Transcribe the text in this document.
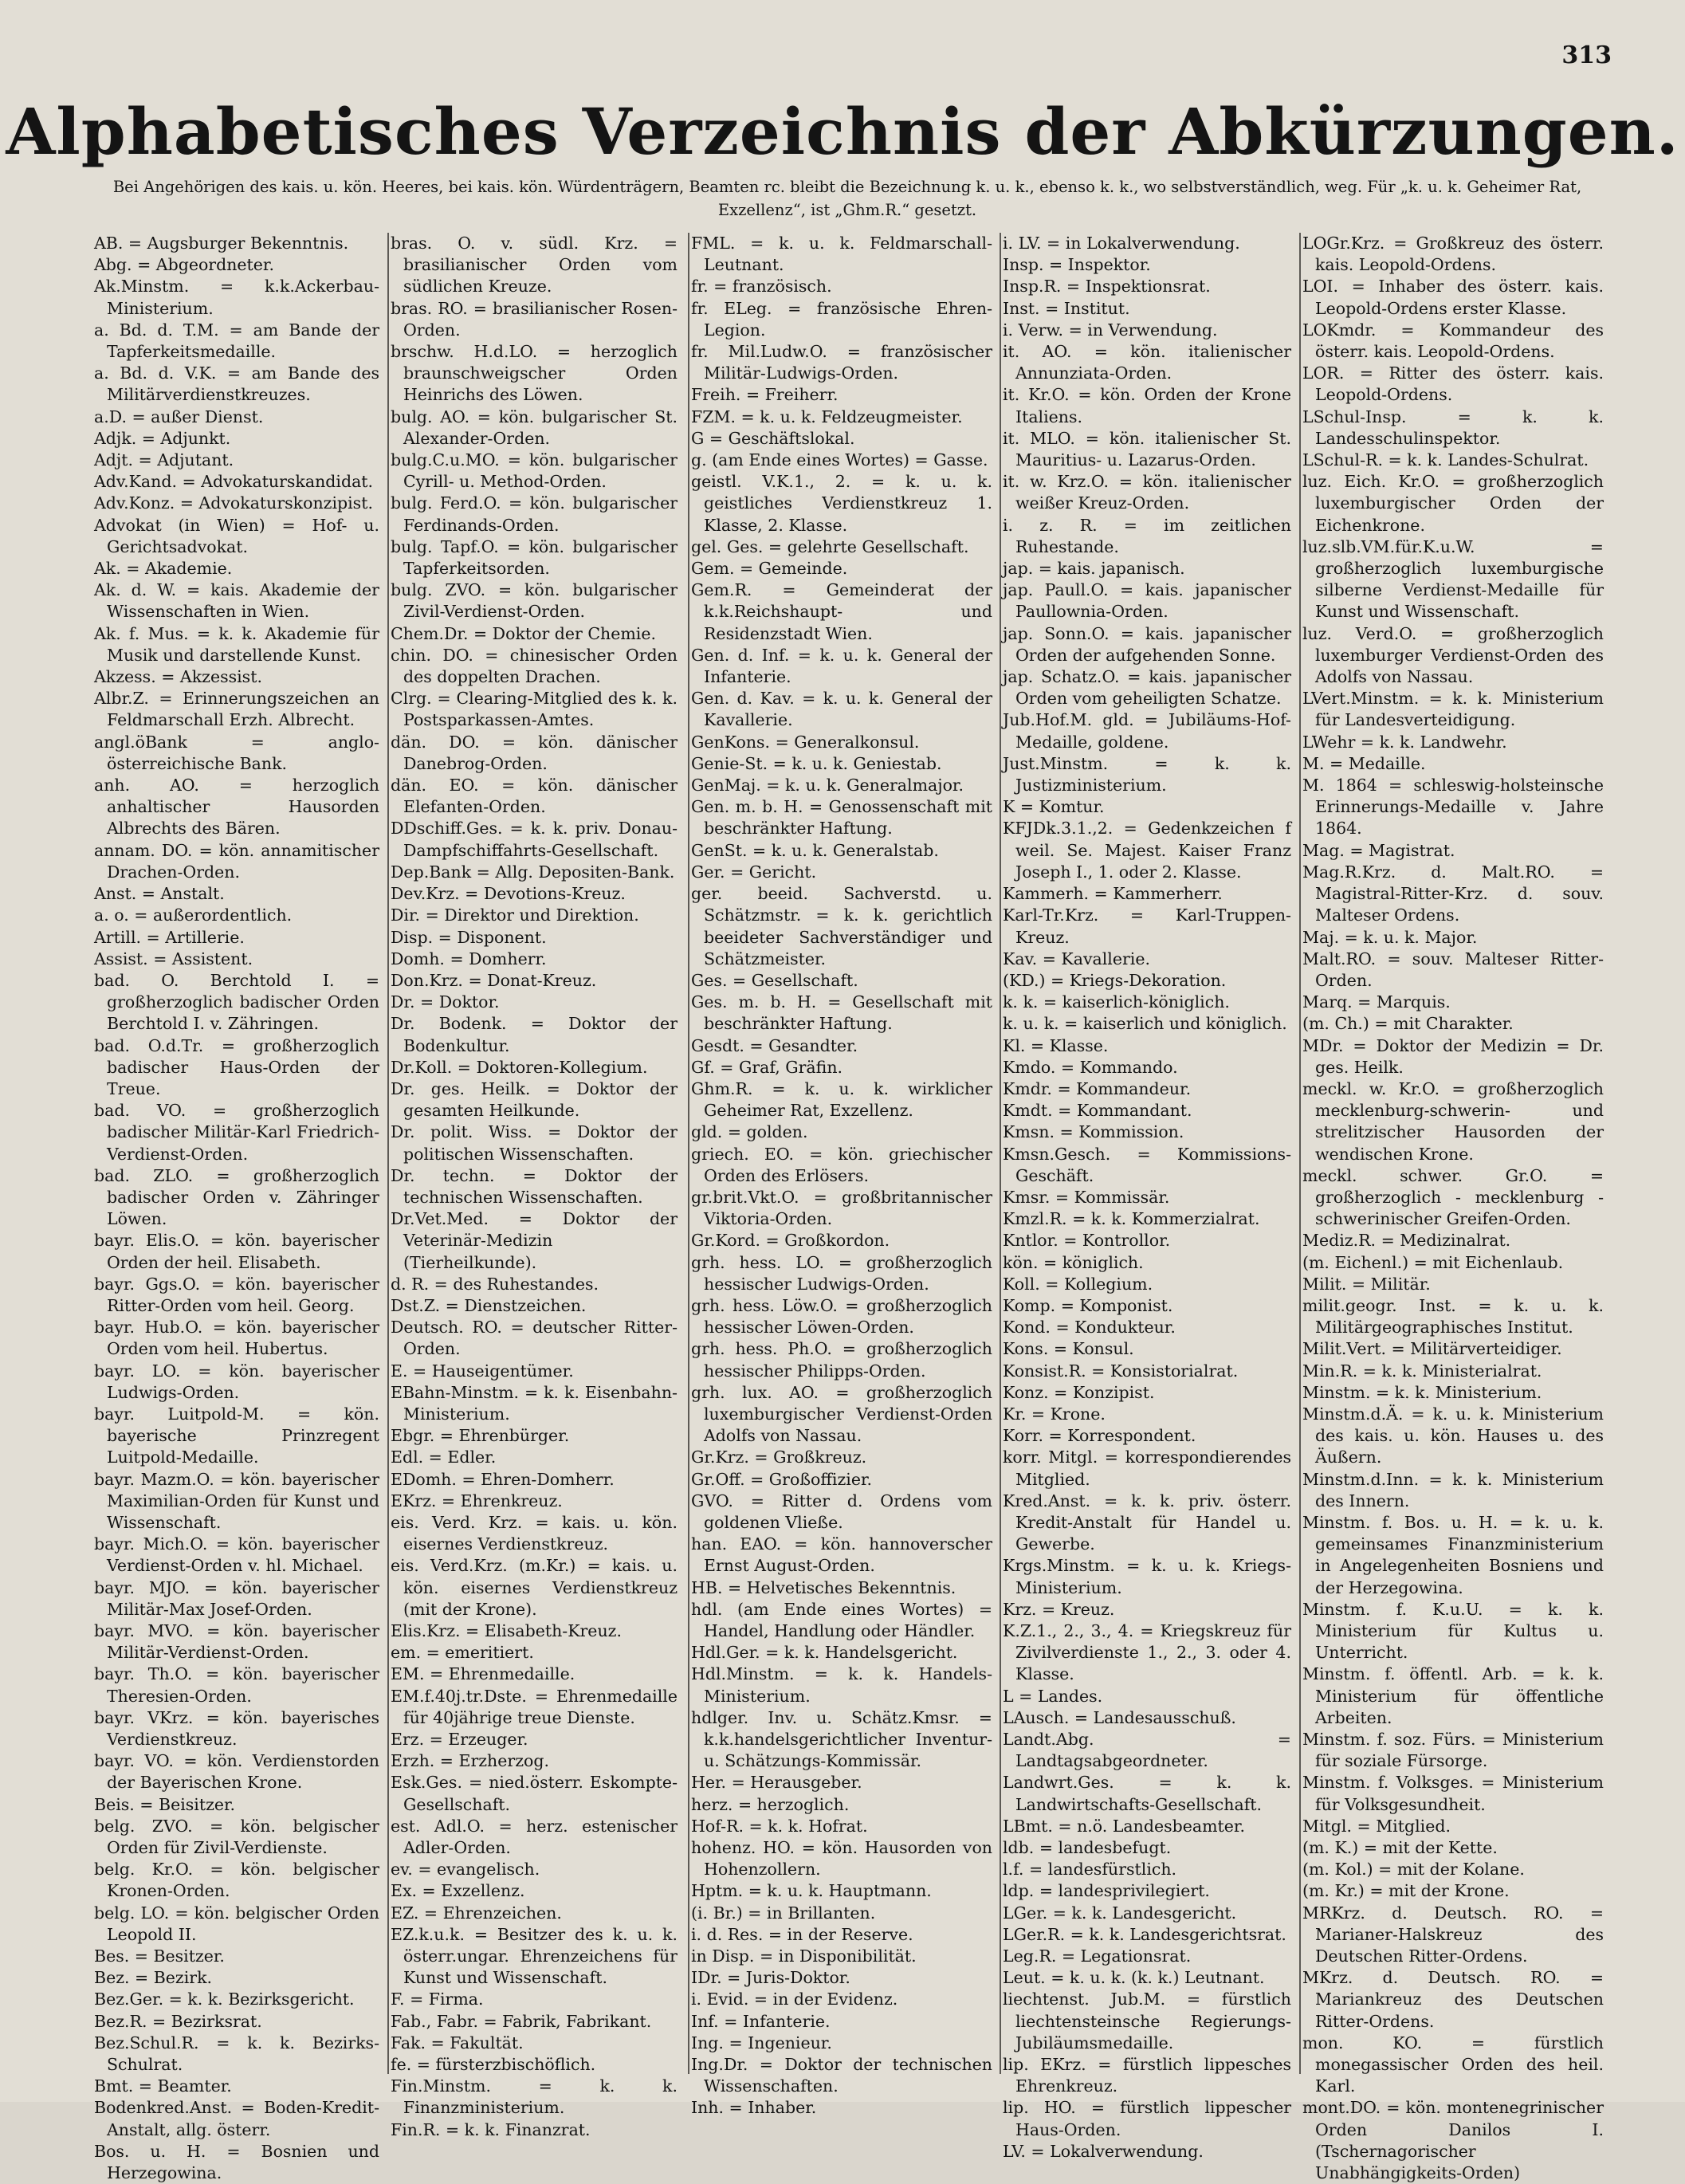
313
Alphabetisches Verzeichnis der Abkürzungen.
Bei Angehörigen des kais. u. kön. Heeres, bei kais. kön. Würdenträgern, Beamten rc. bleibt die Bezeichnung k. u. k., ebenso k. k., wo selbstverständlich, weg. Für „k. u. k. Geheimer Rat, Exzellenz“, ist „Ghm.R.“ gesetzt.
AB. = Augsburger Bekenntnis.
Abg. = Abgeordneter.
Ak.Minstm. = k.k.Ackerbau-Ministerium.
a. Bd. d. T.M. = am Bande der Tapferkeitsmedaille.
a. Bd. d. V.K. = am Bande des Militärverdienstkreuzes.
a.D. = außer Dienst.
Adjk. = Adjunkt.
Adjt. = Adjutant.
Adv.Kand. = Advokaturskandidat.
Adv.Konz. = Advokaturskonzipist.
Advokat (in Wien) = Hof- u. Gerichtsadvokat.
Ak. = Akademie.
Ak. d. W. = kais. Akademie der Wissenschaften in Wien.
Ak. f. Mus. = k. k. Akademie für Musik und darstellende Kunst.
Akzess. = Akzessist.
Albr.Z. = Erinnerungszeichen an Feldmarschall Erzh. Albrecht.
angl.öBank = anglo-österreichische Bank.
anh. AO. = herzoglich anhaltischer Hausorden Albrechts des Bären.
annam. DO. = kön. annamitischer Drachen-Orden.
Anst. = Anstalt.
a. o. = außerordentlich.
Artill. = Artillerie.
Assist. = Assistent.
bad. O. Berchtold I. = großherzoglich badischer Orden Berchtold I. v. Zähringen.
bad. O.d.Tr. = großherzoglich badischer Haus-Orden der Treue.
bad. VO. = großherzoglich badischer Militär-Karl Friedrich-Verdienst-Orden.
bad. ZLO. = großherzoglich badischer Orden v. Zähringer Löwen.
bayr. Elis.O. = kön. bayerischer Orden der heil. Elisabeth.
bayr. Ggs.O. = kön. bayerischer Ritter-Orden vom heil. Georg.
bayr. Hub.O. = kön. bayerischer Orden vom heil. Hubertus.
bayr. LO. = kön. bayerischer Ludwigs-Orden.
bayr. Luitpold-M. = kön. bayerische Prinzregent Luitpold-Medaille.
bayr. Mazm.O. = kön. bayerischer Maximilian-Orden für Kunst und Wissenschaft.
bayr. Mich.O. = kön. bayerischer Verdienst-Orden v. hl. Michael.
bayr. MJO. = kön. bayerischer Militär-Max Josef-Orden.
bayr. MVO. = kön. bayerischer Militär-Verdienst-Orden.
bayr. Th.O. = kön. bayerischer Theresien-Orden.
bayr. VKrz. = kön. bayerisches Verdienstkreuz.
bayr. VO. = kön. Verdienstorden der Bayerischen Krone.
Beis. = Beisitzer.
belg. ZVO. = kön. belgischer Orden für Zivil-Verdienste.
belg. Kr.O. = kön. belgischer Kronen-Orden.
belg. LO. = kön. belgischer Orden Leopold II.
Bes. = Besitzer.
Bez. = Bezirk.
Bez.Ger. = k. k. Bezirksgericht.
Bez.R. = Bezirksrat.
Bez.Schul.R. = k. k. Bezirks-Schulrat.
Bmt. = Beamter.
Bodenkred.Anst. = Boden-Kredit-Anstalt, allg. österr.
Bos. u. H. = Bosnien und Herzegowina.
bras. O. v. südl. Krz. = brasilianischer Orden vom südlichen Kreuze.
bras. RO. = brasilianischer Rosen-Orden.
brschw. H.d.LO. = herzoglich braunschweigscher Orden Heinrichs des Löwen.
bulg. AO. = kön. bulgarischer St. Alexander-Orden.
bulg.C.u.MO. = kön. bulgarischer Cyrill- u. Method-Orden.
bulg. Ferd.O. = kön. bulgarischer Ferdinands-Orden.
bulg. Tapf.O. = kön. bulgarischer Tapferkeitsorden.
bulg. ZVO. = kön. bulgarischer Zivil-Verdienst-Orden.
Chem.Dr. = Doktor der Chemie.
chin. DO. = chinesischer Orden des doppelten Drachen.
Clrg. = Clearing-Mitglied des k. k. Postsparkassen-Amtes.
dän. DO. = kön. dänischer Danebrog-Orden.
dän. EO. = kön. dänischer Elefanten-Orden.
DDschiff.Ges. = k. k. priv. Donau-Dampfschiffahrts-Gesellschaft.
Dep.Bank = Allg. Depositen-Bank.
Dev.Krz. = Devotions-Kreuz.
Dir. = Direktor und Direktion.
Disp. = Disponent.
Domh. = Domherr.
Don.Krz. = Donat-Kreuz.
Dr. = Doktor.
Dr. Bodenk. = Doktor der Bodenkultur.
Dr.Koll. = Doktoren-Kollegium.
Dr. ges. Heilk. = Doktor der gesamten Heilkunde.
Dr. polit. Wiss. = Doktor der politischen Wissenschaften.
Dr. techn. = Doktor der technischen Wissenschaften.
Dr.Vet.Med. = Doktor der Veterinär-Medizin (Tierheilkunde).
d. R. = des Ruhestandes.
Dst.Z. = Dienstzeichen.
Deutsch. RO. = deutscher Ritter-Orden.
E. = Hauseigentümer.
EBahn-Minstm. = k. k. Eisenbahn-Ministerium.
Ebgr. = Ehrenbürger.
Edl. = Edler.
EDomh. = Ehren-Domherr.
EKrz. = Ehrenkreuz.
eis. Verd. Krz. = kais. u. kön. eisernes Verdienstkreuz.
eis. Verd.Krz. (m.Kr.) = kais. u. kön. eisernes Verdienstkreuz (mit der Krone).
Elis.Krz. = Elisabeth-Kreuz.
em. = emeritiert.
EM. = Ehrenmedaille.
EM.f.40j.tr.Dste. = Ehrenmedaille für 40jährige treue Dienste.
Erz. = Erzeuger.
Erzh. = Erzherzog.
Esk.Ges. = nied.österr. Eskompte-Gesellschaft.
est. Adl.O. = herz. estenischer Adler-Orden.
ev. = evangelisch.
Ex. = Exzellenz.
EZ. = Ehrenzeichen.
EZ.k.u.k. = Besitzer des k. u. k. österr.ungar. Ehrenzeichens für Kunst und Wissenschaft.
F. = Firma.
Fab., Fabr. = Fabrik, Fabrikant.
Fak. = Fakultät.
fe. = fürsterzbischöflich.
Fin.Minstm. = k. k. Finanzministerium.
Fin.R. = k. k. Finanzrat.
FML. = k. u. k. Feldmarschall-Leutnant.
fr. = französisch.
fr. ELeg. = französische Ehren-Legion.
fr. Mil.Ludw.O. = französischer Militär-Ludwigs-Orden.
Freih. = Freiherr.
FZM. = k. u. k. Feldzeugmeister.
G = Geschäftslokal.
g. (am Ende eines Wortes) = Gasse.
geistl. V.K.1., 2. = k. u. k. geistliches Verdienstkreuz 1. Klasse, 2. Klasse.
gel. Ges. = gelehrte Gesellschaft.
Gem. = Gemeinde.
Gem.R. = Gemeinderat der k.k.Reichshaupt- und Residenzstadt Wien.
Gen. d. Inf. = k. u. k. General der Infanterie.
Gen. d. Kav. = k. u. k. General der Kavallerie.
GenKons. = Generalkonsul.
Genie-St. = k. u. k. Geniestab.
GenMaj. = k. u. k. Generalmajor.
Gen. m. b. H. = Genossenschaft mit beschränkter Haftung.
GenSt. = k. u. k. Generalstab.
Ger. = Gericht.
ger. beeid. Sachverstd. u. Schätzmstr. = k. k. gerichtlich beeideter Sachverständiger und Schätzmeister.
Ges. = Gesellschaft.
Ges. m. b. H. = Gesellschaft mit beschränkter Haftung.
Gesdt. = Gesandter.
Gf. = Graf, Gräfin.
Ghm.R. = k. u. k. wirklicher Geheimer Rat, Exzellenz.
gld. = golden.
griech. EO. = kön. griechischer Orden des Erlösers.
gr.brit.Vkt.O. = großbritannischer Viktoria-Orden.
Gr.Kord. = Großkordon.
grh. hess. LO. = großherzoglich hessischer Ludwigs-Orden.
grh. hess. Löw.O. = großherzoglich hessischer Löwen-Orden.
grh. hess. Ph.O. = großherzoglich hessischer Philipps-Orden.
grh. lux. AO. = großherzoglich luxemburgischer Verdienst-Orden Adolfs von Nassau.
Gr.Krz. = Großkreuz.
Gr.Off. = Großoffizier.
GVO. = Ritter d. Ordens vom goldenen Vließe.
han. EAO. = kön. hannoverscher Ernst August-Orden.
HB. = Helvetisches Bekenntnis.
hdl. (am Ende eines Wortes) = Handel, Handlung oder Händler.
Hdl.Ger. = k. k. Handelsgericht.
Hdl.Minstm. = k. k. Handels-Ministerium.
hdlger. Inv. u. Schätz.Kmsr. = k.k.handelsgerichtlicher Inventur- u. Schätzungs-Kommissär.
Her. = Herausgeber.
herz. = herzoglich.
Hof-R. = k. k. Hofrat.
hohenz. HO. = kön. Hausorden von Hohenzollern.
Hptm. = k. u. k. Hauptmann.
(i. Br.) = in Brillanten.
i. d. Res. = in der Reserve.
in Disp. = in Disponibilität.
IDr. = Juris-Doktor.
i. Evid. = in der Evidenz.
Inf. = Infanterie.
Ing. = Ingenieur.
Ing.Dr. = Doktor der technischen Wissenschaften.
Inh. = Inhaber.
i. LV. = in Lokalverwendung.
Insp. = Inspektor.
Insp.R. = Inspektionsrat.
Inst. = Institut.
i. Verw. = in Verwendung.
it. AO. = kön. italienischer Annunziata-Orden.
it. Kr.O. = kön. Orden der Krone Italiens.
it. MLO. = kön. italienischer St. Mauritius- u. Lazarus-Orden.
it. w. Krz.O. = kön. italienischer weißer Kreuz-Orden.
i. z. R. = im zeitlichen Ruhestande.
jap. = kais. japanisch.
jap. Paull.O. = kais. japanischer Paullownia-Orden.
jap. Sonn.O. = kais. japanischer Orden der aufgehenden Sonne.
jap. Schatz.O. = kais. japanischer Orden vom geheiligten Schatze.
Jub.Hof.M. gld. = Jubiläums-Hof-Medaille, goldene.
Just.Minstm. = k. k. Justizministerium.
K = Komtur.
KFJDk.3.1.,2. = Gedenkzeichen f weil. Se. Majest. Kaiser Franz Joseph I., 1. oder 2. Klasse.
Kammerh. = Kammerherr.
Karl-Tr.Krz. = Karl-Truppen-Kreuz.
Kav. = Kavallerie.
(KD.) = Kriegs-Dekoration.
k. k. = kaiserlich-königlich.
k. u. k. = kaiserlich und königlich.
Kl. = Klasse.
Kmdo. = Kommando.
Kmdr. = Kommandeur.
Kmdt. = Kommandant.
Kmsn. = Kommission.
Kmsn.Gesch. = Kommissions-Geschäft.
Kmsr. = Kommissär.
Kmzl.R. = k. k. Kommerzialrat.
Kntlor. = Kontrollor.
kön. = königlich.
Koll. = Kollegium.
Komp. = Komponist.
Kond. = Kondukteur.
Kons. = Konsul.
Konsist.R. = Konsistorialrat.
Konz. = Konzipist.
Kr. = Krone.
Korr. = Korrespondent.
korr. Mitgl. = korrespondierendes Mitglied.
Kred.Anst. = k. k. priv. österr. Kredit-Anstalt für Handel u. Gewerbe.
Krgs.Minstm. = k. u. k. Kriegs-Ministerium.
Krz. = Kreuz.
K.Z.1., 2., 3., 4. = Kriegskreuz für Zivilverdienste 1., 2., 3. oder 4. Klasse.
L = Landes.
LAusch. = Landesausschuß.
Landt.Abg. = Landtagsabgeordneter.
Landwrt.Ges. = k. k. Landwirtschafts-Gesellschaft.
LBmt. = n.ö. Landesbeamter.
ldb. = landesbefugt.
l.f. = landesfürstlich.
ldp. = landesprivilegiert.
LGer. = k. k. Landesgericht.
LGer.R. = k. k. Landesgerichtsrat.
Leg.R. = Legationsrat.
Leut. = k. u. k. (k. k.) Leutnant.
liechtenst. Jub.M. = fürstlich liechtensteinsche Regierungs-Jubiläumsmedaille.
lip. EKrz. = fürstlich lippesches Ehrenkreuz.
lip. HO. = fürstlich lippescher Haus-Orden.
LV. = Lokalverwendung.
LOGr.Krz. = Großkreuz des österr. kais. Leopold-Ordens.
LOI. = Inhaber des österr. kais. Leopold-Ordens erster Klasse.
LOKmdr. = Kommandeur des österr. kais. Leopold-Ordens.
LOR. = Ritter des österr. kais. Leopold-Ordens.
LSchul-Insp. = k. k. Landesschulinspektor.
LSchul-R. = k. k. Landes-Schulrat.
luz. Eich. Kr.O. = großherzoglich luxemburgischer Orden der Eichenkrone.
luz.slb.VM.für.K.u.W. = großherzoglich luxemburgische silberne Verdienst-Medaille für Kunst und Wissenschaft.
luz. Verd.O. = großherzoglich luxemburger Verdienst-Orden des Adolfs von Nassau.
LVert.Minstm. = k. k. Ministerium für Landesverteidigung.
LWehr = k. k. Landwehr.
M. = Medaille.
M. 1864 = schleswig-holsteinsche Erinnerungs-Medaille v. Jahre 1864.
Mag. = Magistrat.
Mag.R.Krz. d. Malt.RO. = Magistral-Ritter-Krz. d. souv. Malteser Ordens.
Maj. = k. u. k. Major.
Malt.RO. = souv. Malteser Ritter-Orden.
Marq. = Marquis.
(m. Ch.) = mit Charakter.
MDr. = Doktor der Medizin = Dr. ges. Heilk.
meckl. w. Kr.O. = großherzoglich mecklenburg-schwerin- und strelitzischer Hausorden der wendischen Krone.
meckl. schwer. Gr.O. = großherzoglich - mecklenburg - schwerinischer Greifen-Orden.
Mediz.R. = Medizinalrat.
(m. Eichenl.) = mit Eichenlaub.
Milit. = Militär.
milit.geogr. Inst. = k. u. k. Militärgeographisches Institut.
Milit.Vert. = Militärverteidiger.
Min.R. = k. k. Ministerialrat.
Minstm. = k. k. Ministerium.
Minstm.d.Ä. = k. u. k. Ministerium des kais. u. kön. Hauses u. des Äußern.
Minstm.d.Inn. = k. k. Ministerium des Innern.
Minstm. f. Bos. u. H. = k. u. k. gemeinsames Finanzministerium in Angelegenheiten Bosniens und der Herzegowina.
Minstm. f. K.u.U. = k. k. Ministerium für Kultus u. Unterricht.
Minstm. f. öffentl. Arb. = k. k. Ministerium für öffentliche Arbeiten.
Minstm. f. soz. Fürs. = Ministerium für soziale Fürsorge.
Minstm. f. Volksges. = Ministerium für Volksgesundheit.
Mitgl. = Mitglied.
(m. K.) = mit der Kette.
(m. Kol.) = mit der Kolane.
(m. Kr.) = mit der Krone.
MRKrz. d. Deutsch. RO. = Marianer-Halskreuz des Deutschen Ritter-Ordens.
MKrz. d. Deutsch. RO. = Mariankreuz des Deutschen Ritter-Ordens.
mon. KO. = fürstlich monegassischer Orden des heil. Karl.
mont.DO. = kön. montenegrinischer Orden Danilos I. (Tschernagorischer Unabhängigkeits-Orden)
